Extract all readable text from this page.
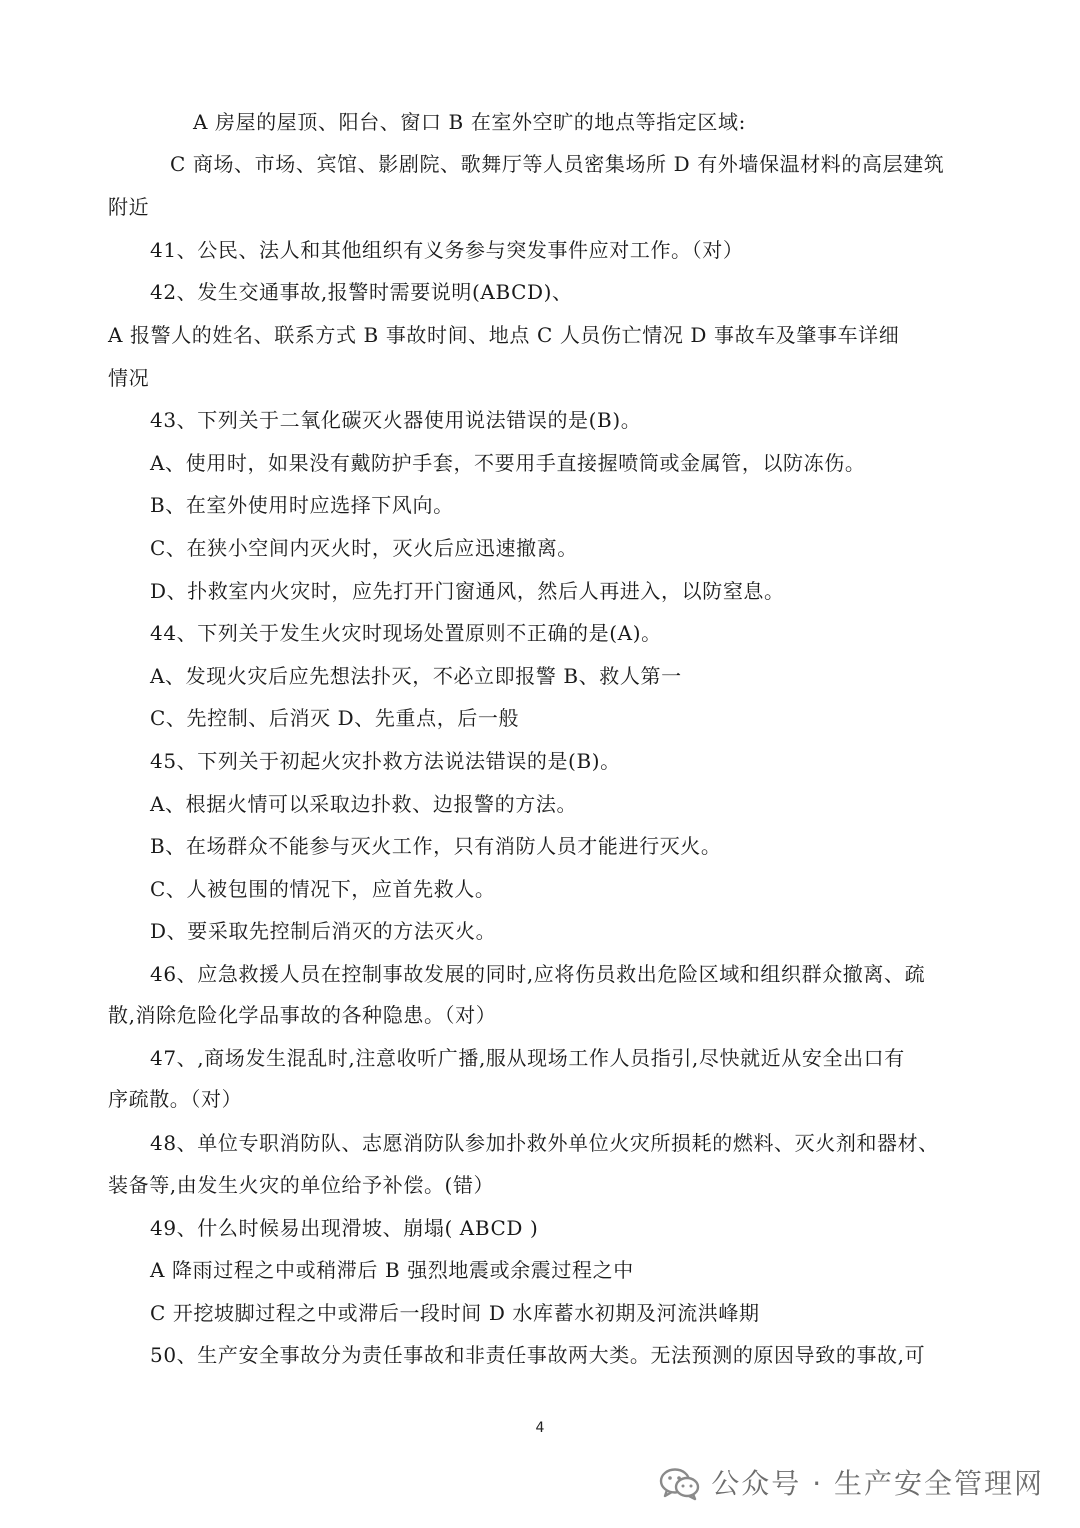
A 房屋的屋顶、阳台、窗口 B 在室外空旷的地点等指定区域:
C 商场、市场、宾馆、影剧院、歌舞厅等人员密集场所 D 有外墙保温材料的高层建筑
附近
41、公民、法人和其他组织有义务参与突发事件应对工作。（对）
42、发生交通事故,报警时需要说明(ABCD)、
A 报警人的姓名、联系方式 B 事故时间、地点 C 人员伤亡情况 D 事故车及肇事车详细
情况
43、下列关于二氧化碳灭火器使用说法错误的是(B)。
A、使用时，如果没有戴防护手套，不要用手直接握喷筒或金属管，以防冻伤。
B、在室外使用时应选择下风向。
C、在狭小空间内灭火时，灭火后应迅速撤离。
D、扑救室内火灾时，应先打开门窗通风，然后人再进入，以防窒息。
44、下列关于发生火灾时现场处置原则不正确的是(A)。
A、发现火灾后应先想法扑灭，不必立即报警 B、救人第一
C、先控制、后消灭 D、先重点，后一般
45、下列关于初起火灾扑救方法说法错误的是(B)。
A、根据火情可以采取边扑救、边报警的方法。
B、在场群众不能参与灭火工作，只有消防人员才能进行灭火。
C、人被包围的情况下，应首先救人。
D、要采取先控制后消灭的方法灭火。
46、应急救援人员在控制事故发展的同时,应将伤员救出危险区域和组织群众撤离、疏
散,消除危险化学品事故的各种隐患。（对）
47、,商场发生混乱时,注意收听广播,服从现场工作人员指引,尽快就近从安全出口有
序疏散。（对）
48、单位专职消防队、志愿消防队参加扑救外单位火灾所损耗的燃料、灭火剂和器材、
装备等,由发生火灾的单位给予补偿。(错）
49、什么时候易出现滑坡、崩塌( ABCD )
A 降雨过程之中或稍滞后 B 强烈地震或余震过程之中
C 开挖坡脚过程之中或滞后一段时间 D 水库蓄水初期及河流洪峰期
50、生产安全事故分为责任事故和非责任事故两大类。无法预测的原因导致的事故,可
4
公众号 · 生产安全管理网
